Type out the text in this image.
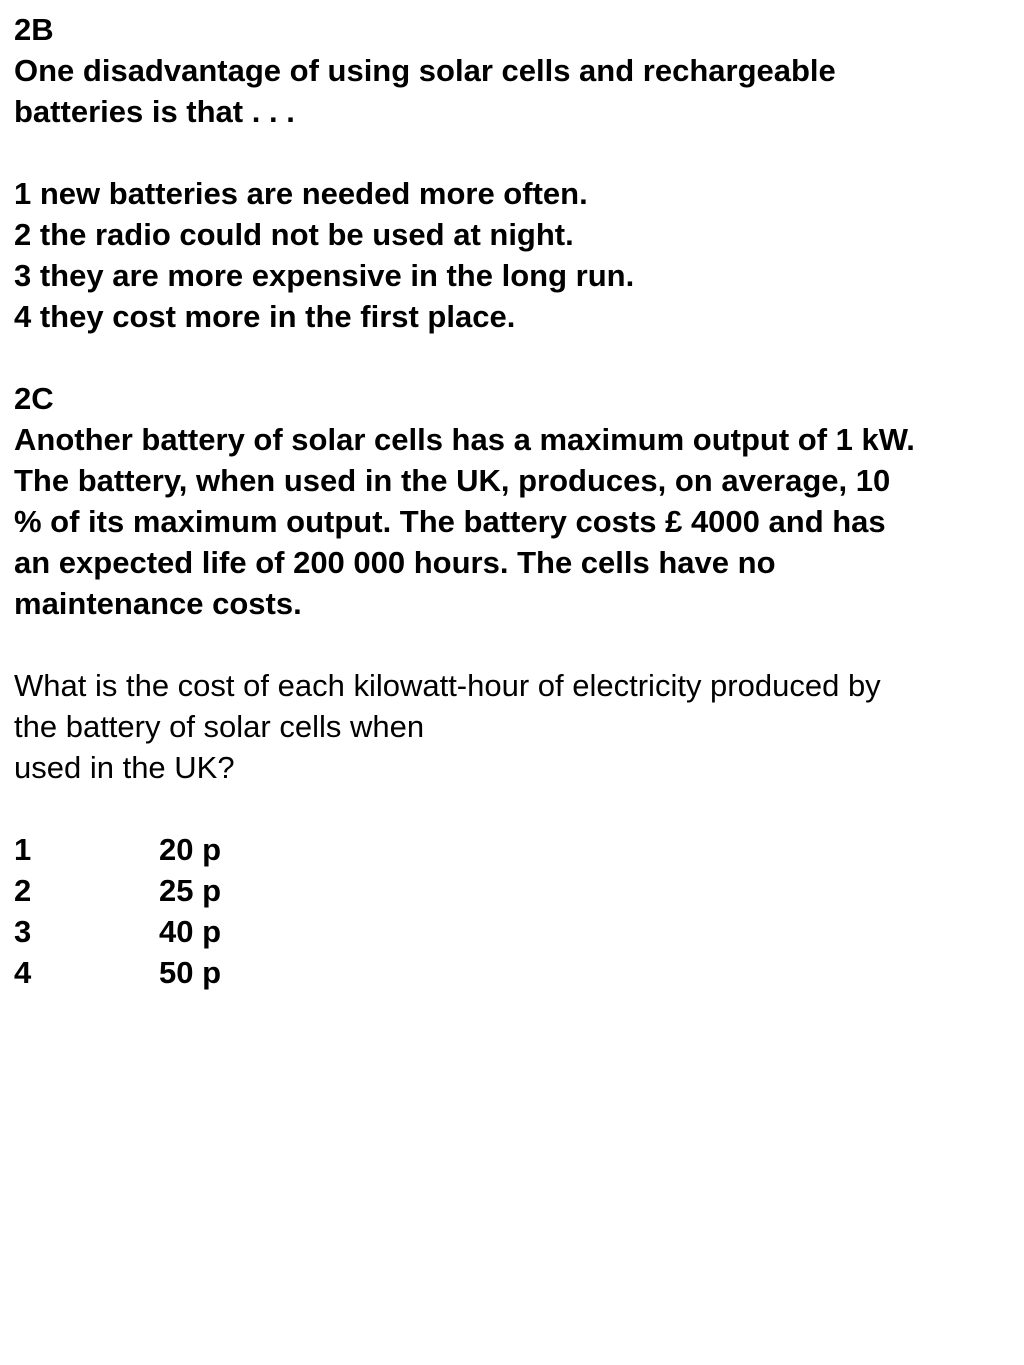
2B
One disadvantage of using solar cells and rechargeable
batteries is that . . .
1 new batteries are needed more often.
2 the radio could not be used at night.
3 they are more expensive in the long run.
4 they cost more in the first place.
2C
Another battery of solar cells has a maximum output of 1 kW.
The battery, when used in the UK, produces, on average, 10
% of its maximum output. The battery costs £ 4000 and has
an expected life of 200 000 hours. The cells have no
maintenance costs.
What is the cost of each kilowatt-hour of electricity produced by
the battery of solar cells when
used in the UK?
1	20 p
2	25 p
3	40 p
4	50 p
